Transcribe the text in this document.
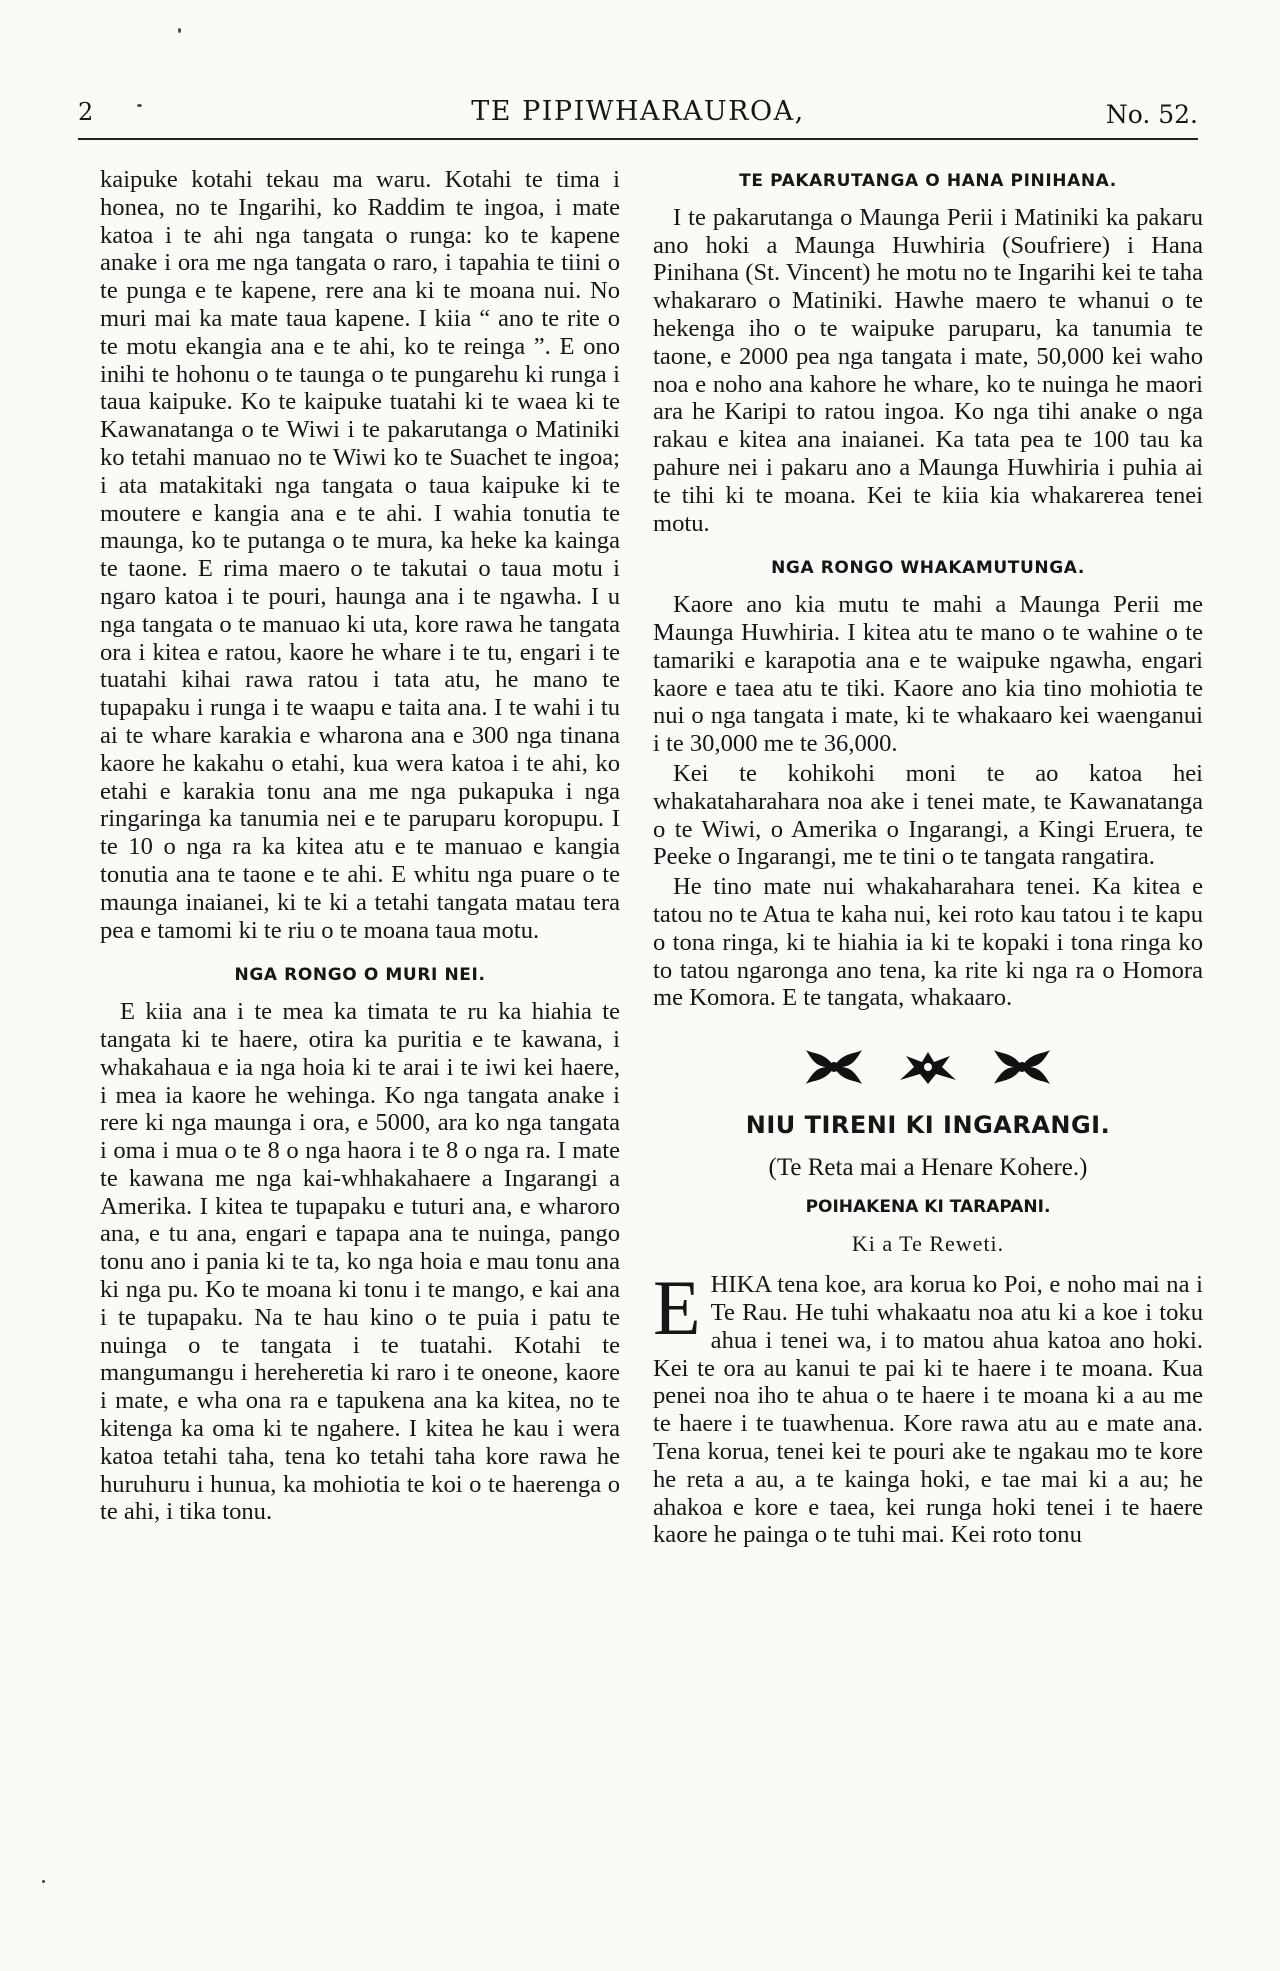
2	TE PIPIWHARAUROA,	No. 52.

kaipuke kotahi tekau ma waru. Kotahi te tima i honea, no te Ingarihi, ko Raddim te ingoa, i mate katoa i te ahi nga tangata o runga: ko te kapene anake i ora me nga tangata o raro, i tapahia te tiini o te punga e te kapene, rere ana ki te moana nui. No muri mai ka mate taua kapene. I kiia “ ano te rite o te motu ekangia ana e te ahi, ko te reinga ”. E ono inihi te hohonu o te taunga o te pungarehu ki runga i taua kaipuke. Ko te kaipuke tuatahi ki te waea ki te Kawanatanga o te Wiwi i te pakarutanga o Matiniki ko tetahi manuao no te Wiwi ko te Suachet te ingoa; i ata matakitaki nga tangata o taua kaipuke ki te moutere e kangia ana e te ahi. I wahia tonutia te maunga, ko te putanga o te mura, ka heke ka kainga te taone. E rima maero o te takutai o taua motu i ngaro katoa i te pouri, haunga ana i te ngawha. I u nga tangata o te manuao ki uta, kore rawa he tangata ora i kitea e ratou, kaore he whare i te tu, engari i te tuatahi kihai rawa ratou i tata atu, he mano te tupapaku i runga i te waapu e taita ana. I te wahi i tu ai te whare karakia e wharona ana e 300 nga tinana kaore he kakahu o etahi, kua wera katoa i te ahi, ko etahi e karakia tonu ana me nga pukapuka i nga ringaringa ka tanumia nei e te paruparu koropupu. I te 10 o nga ra ka kitea atu e te manuao e kangia tonutia ana te taone e te ahi. E whitu nga puare o te maunga inaianei, ki te ki a tetahi tangata matau tera pea e tamomi ki te riu o te moana taua motu.

NGA RONGO O MURI NEI.

E kiia ana i te mea ka timata te ru ka hiahia te tangata ki te haere, otira ka puritia e te kawana, i whakahaua e ia nga hoia ki te arai i te iwi kei haere, i mea ia kaore he wehinga. Ko nga tangata anake i rere ki nga maunga i ora, e 5000, ara ko nga tangata i oma i mua o te 8 o nga haora i te 8 o nga ra. I mate te kawana me nga kai-whhakahaere a Ingarangi a Amerika. I kitea te tupapaku e tuturi ana, e wharoro ana, e tu ana, engari e tapapa ana te nuinga, pango tonu ano i pania ki te ta, ko nga hoia e mau tonu ana ki nga pu. Ko te moana ki tonu i te mango, e kai ana i te tupapaku. Na te hau kino o te puia i patu te nuinga o te tangata i te tuatahi. Kotahi te mangumangu i hereheretia ki raro i te oneone, kaore i mate, e wha ona ra e tapukena ana ka kitea, no te kitenga ka oma ki te ngahere. I kitea he kau i wera katoa tetahi taha, tena ko tetahi taha kore rawa he huruhuru i hunua, ka mohiotia te koi o te haerenga o te ahi, i tika tonu.

TE PAKARUTANGA O HANA PINIHANA.

I te pakarutanga o Maunga Perii i Matiniki ka pakaru ano hoki a Maunga Huwhiria (Soufriere) i Hana Pinihana (St. Vincent) he motu no te Ingarihi kei te taha whakararo o Matiniki. Hawhe maero te whanui o te hekenga iho o te waipuke paruparu, ka tanumia te taone, e 2000 pea nga tangata i mate, 50,000 kei waho noa e noho ana kahore he whare, ko te nuinga he maori ara he Karipi to ratou ingoa. Ko nga tihi anake o nga rakau e kitea ana inaianei. Ka tata pea te 100 tau ka pahure nei i pakaru ano a Maunga Huwhiria i puhia ai te tihi ki te moana. Kei te kiia kia whakarerea tenei motu.

NGA RONGO WHAKAMUTUNGA.

Kaore ano kia mutu te mahi a Maunga Perii me Maunga Huwhiria. I kitea atu te mano o te wahine o te tamariki e karapotia ana e te waipuke ngawha, engari kaore e taea atu te tiki. Kaore ano kia tino mohiotia te nui o nga tangata i mate, ki te whakaaro kei waenganui i te 30,000 me te 36,000.

Kei te kohikohi moni te ao katoa hei whakataharahara noa ake i tenei mate, te Kawanatanga o te Wiwi, o Amerika o Ingarangi, a Kingi Eruera, te Peeke o Ingarangi, me te tini o te tangata rangatira.

He tino mate nui whakaharahara tenei. Ka kitea e tatou no te Atua te kaha nui, kei roto kau tatou i te kapu o tona ringa, ki te hiahia ia ki te kopaki i tona ringa ko to tatou ngaronga ano tena, ka rite ki nga ra o Homora me Komora. E te tangata, whakaaro.

NIU TIRENI KI INGARANGI.
(Te Reta mai a Henare Kohere.)
POIHAKENA KI TARAPANI.
Ki a Te Reweti.

E HIKA tena koe, ara korua ko Poi, e noho mai na i Te Rau. He tuhi whakaatu noa atu ki a koe i toku ahua i tenei wa, i to matou ahua katoa ano hoki. Kei te ora au kanui te pai ki te haere i te moana. Kua penei noa iho te ahua o te haere i te moana ki a au me te haere i te tuawhenua. Kore rawa atu au e mate ana. Tena korua, tenei kei te pouri ake te ngakau mo te kore he reta a au, a te kainga hoki, e tae mai ki a au; he ahakoa e kore e taea, kei runga hoki tenei i te haere kaore he painga o te tuhi mai. Kei roto tonu
